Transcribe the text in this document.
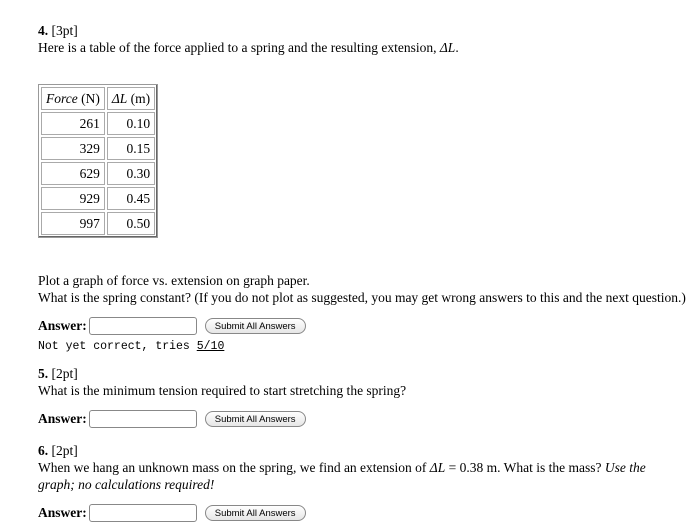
4. [3pt]
Here is a table of the force applied to a spring and the resulting extension, ΔL.
Force (N)	ΔL (m)
261	0.10
329	0.15
629	0.30
929	0.45
997	0.50
Plot a graph of force vs. extension on graph paper.
What is the spring constant? (If you do not plot as suggested, you may get wrong answers to this and the next question.)
Answer:	Submit All Answers
Not yet correct, tries 5/10
5. [2pt]
What is the minimum tension required to start stretching the spring?
Answer:	Submit All Answers
6. [2pt]
When we hang an unknown mass on the spring, we find an extension of ΔL = 0.38 m. What is the mass? Use the
graph; no calculations required!
Answer:	Submit All Answers
